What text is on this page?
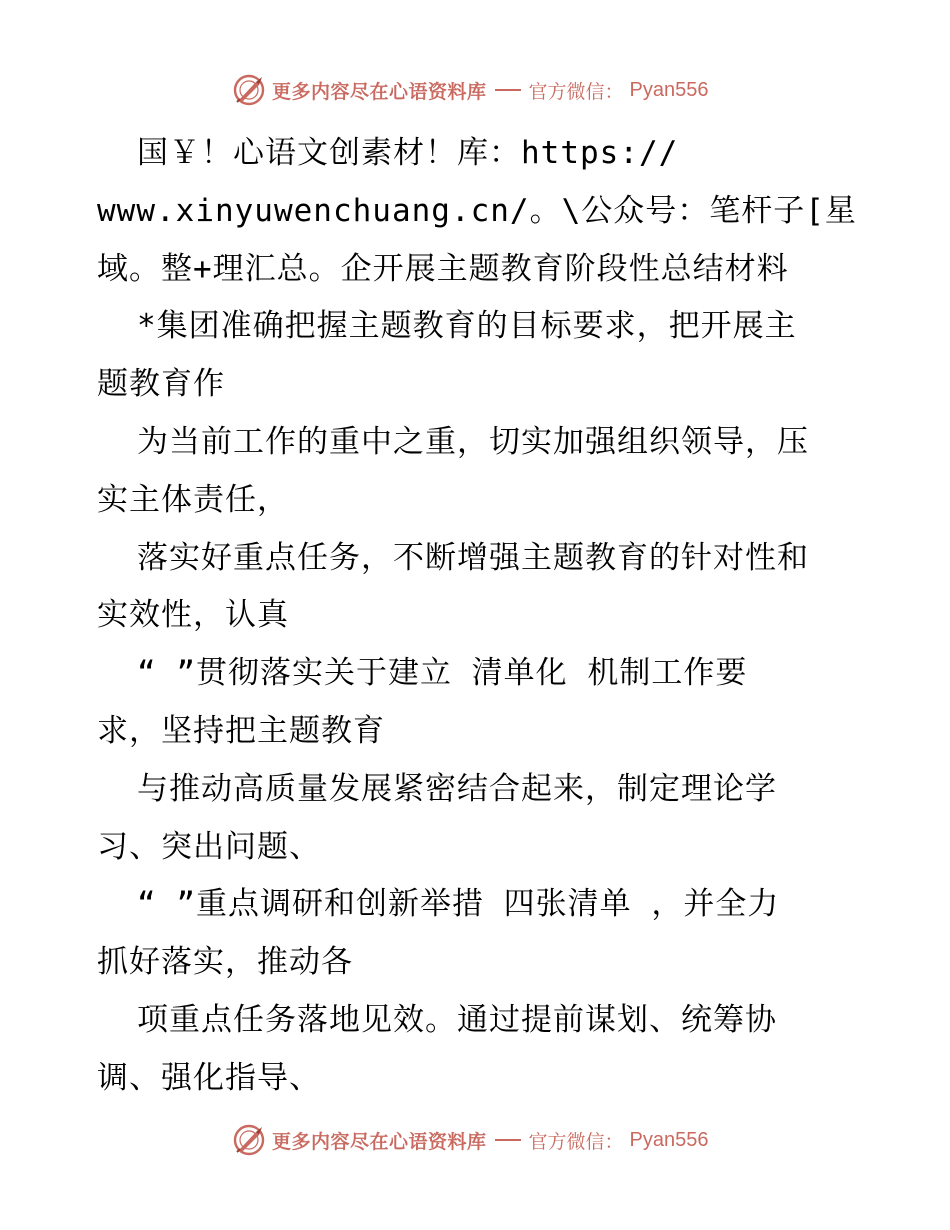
更多内容尽在心语资料库 官方微信： Pyan556
国￥！心语文创素材！库：https://
www.xinyuwenchuang.cn/。\公众号：笔杆子[星
域。整+理汇总。企开展主题教育阶段性总结材料
*集团准确把握主题教育的目标要求，把开展主
题教育作
为当前工作的重中之重，切实加强组织领导，压
实主体责任，
落实好重点任务，不断增强主题教育的针对性和
实效性，认真
“ ”贯彻落实关于建立 清单化 机制工作要
求，坚持把主题教育
与推动高质量发展紧密结合起来，制定理论学
习、突出问题、
“ ”重点调研和创新举措 四张清单 ，并全力
抓好落实，推动各
项重点任务落地见效。通过提前谋划、统筹协
调、强化指导、
更多内容尽在心语资料库 官方微信： Pyan556
